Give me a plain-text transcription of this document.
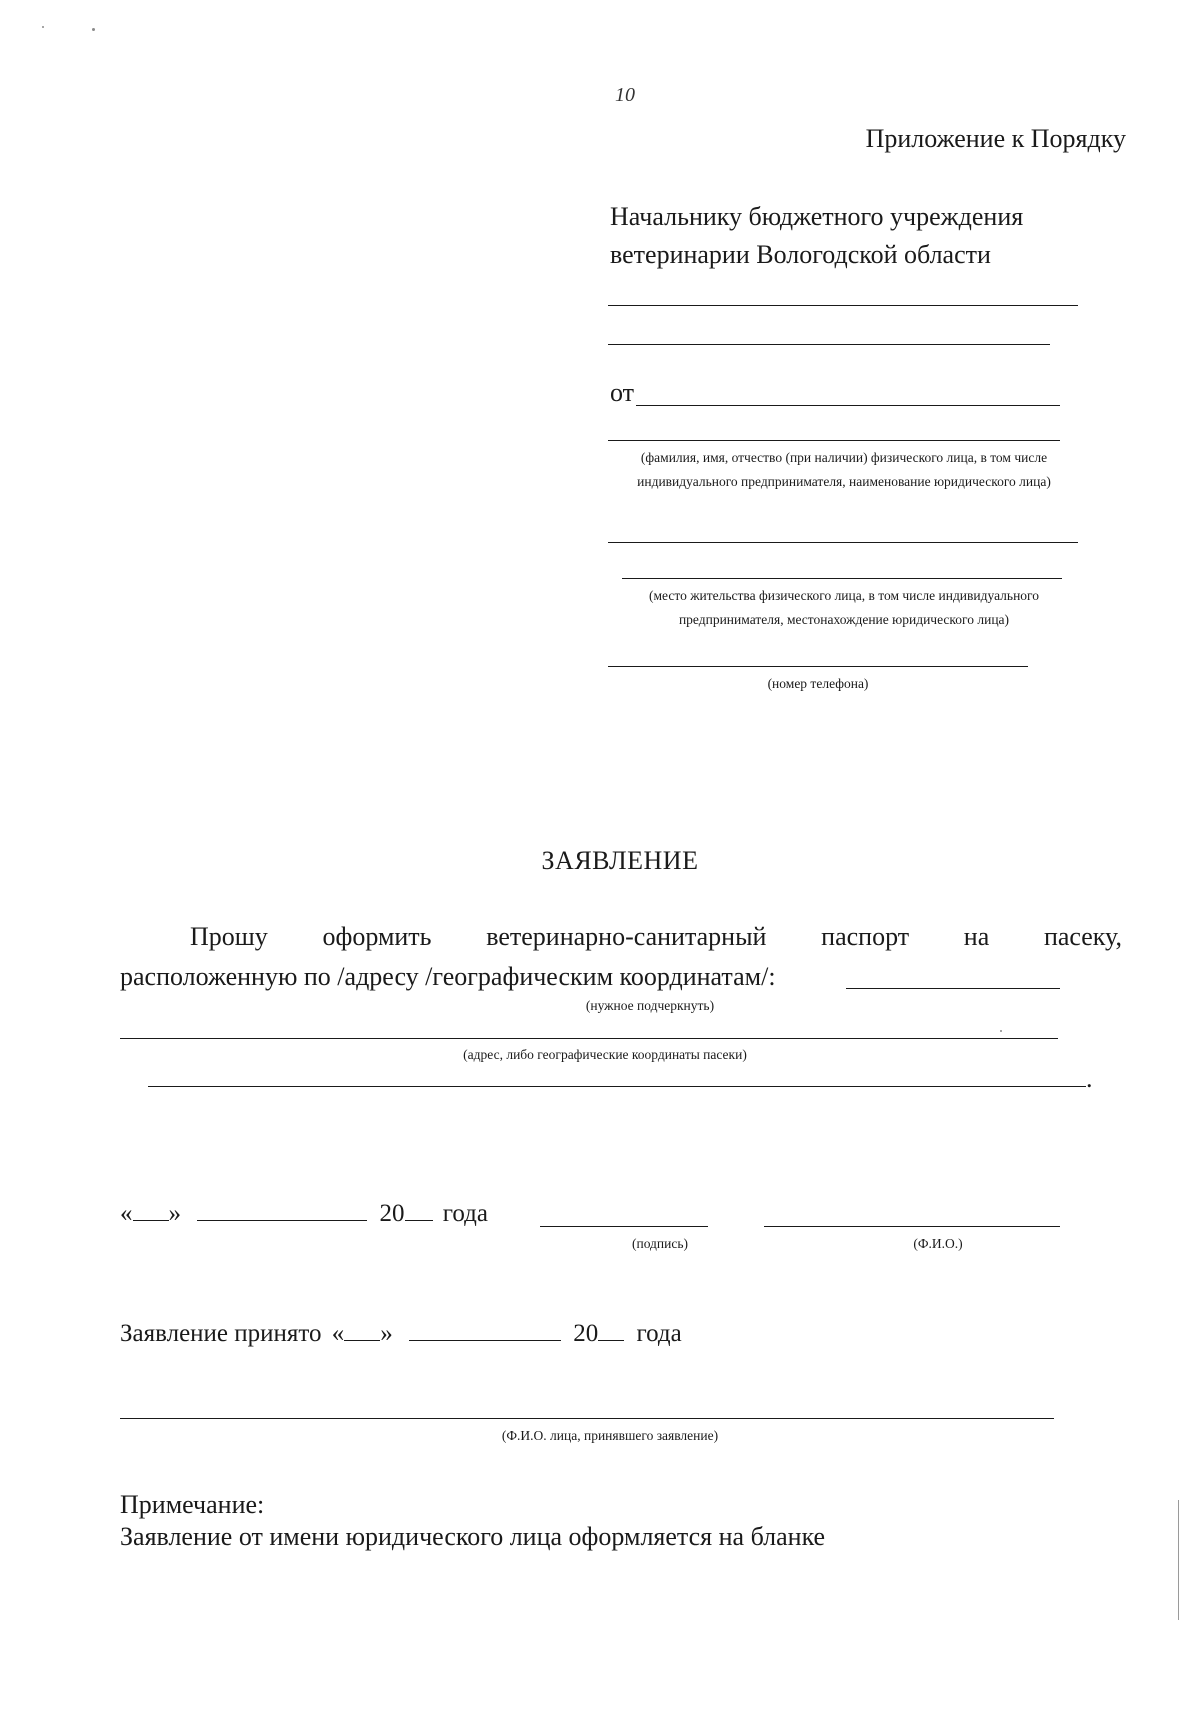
10
Приложение к Порядку
Начальнику бюджетного учреждения
ветеринарии Вологодской области
от
(фамилия, имя, отчество (при наличии) физического лица, в том числе индивидуального предпринимателя, наименование юридического лица)
(место жительства физического лица, в том числе индивидуального предпринимателя, местонахождение юридического лица)
(номер телефона)
ЗАЯВЛЕНИЕ
Прошу оформить ветеринарно-санитарный паспорт на пасеку,
расположенную по /адресу /географическим координатам/:
(нужное подчеркнуть)
(адрес, либо географические координаты пасеки)
.
« »	20 года
(подпись)	(Ф.И.О.)
Заявление принято « »	20 года
(Ф.И.О. лица, принявшего заявление)
Примечание:
Заявление от имени юридического лица оформляется на бланке
